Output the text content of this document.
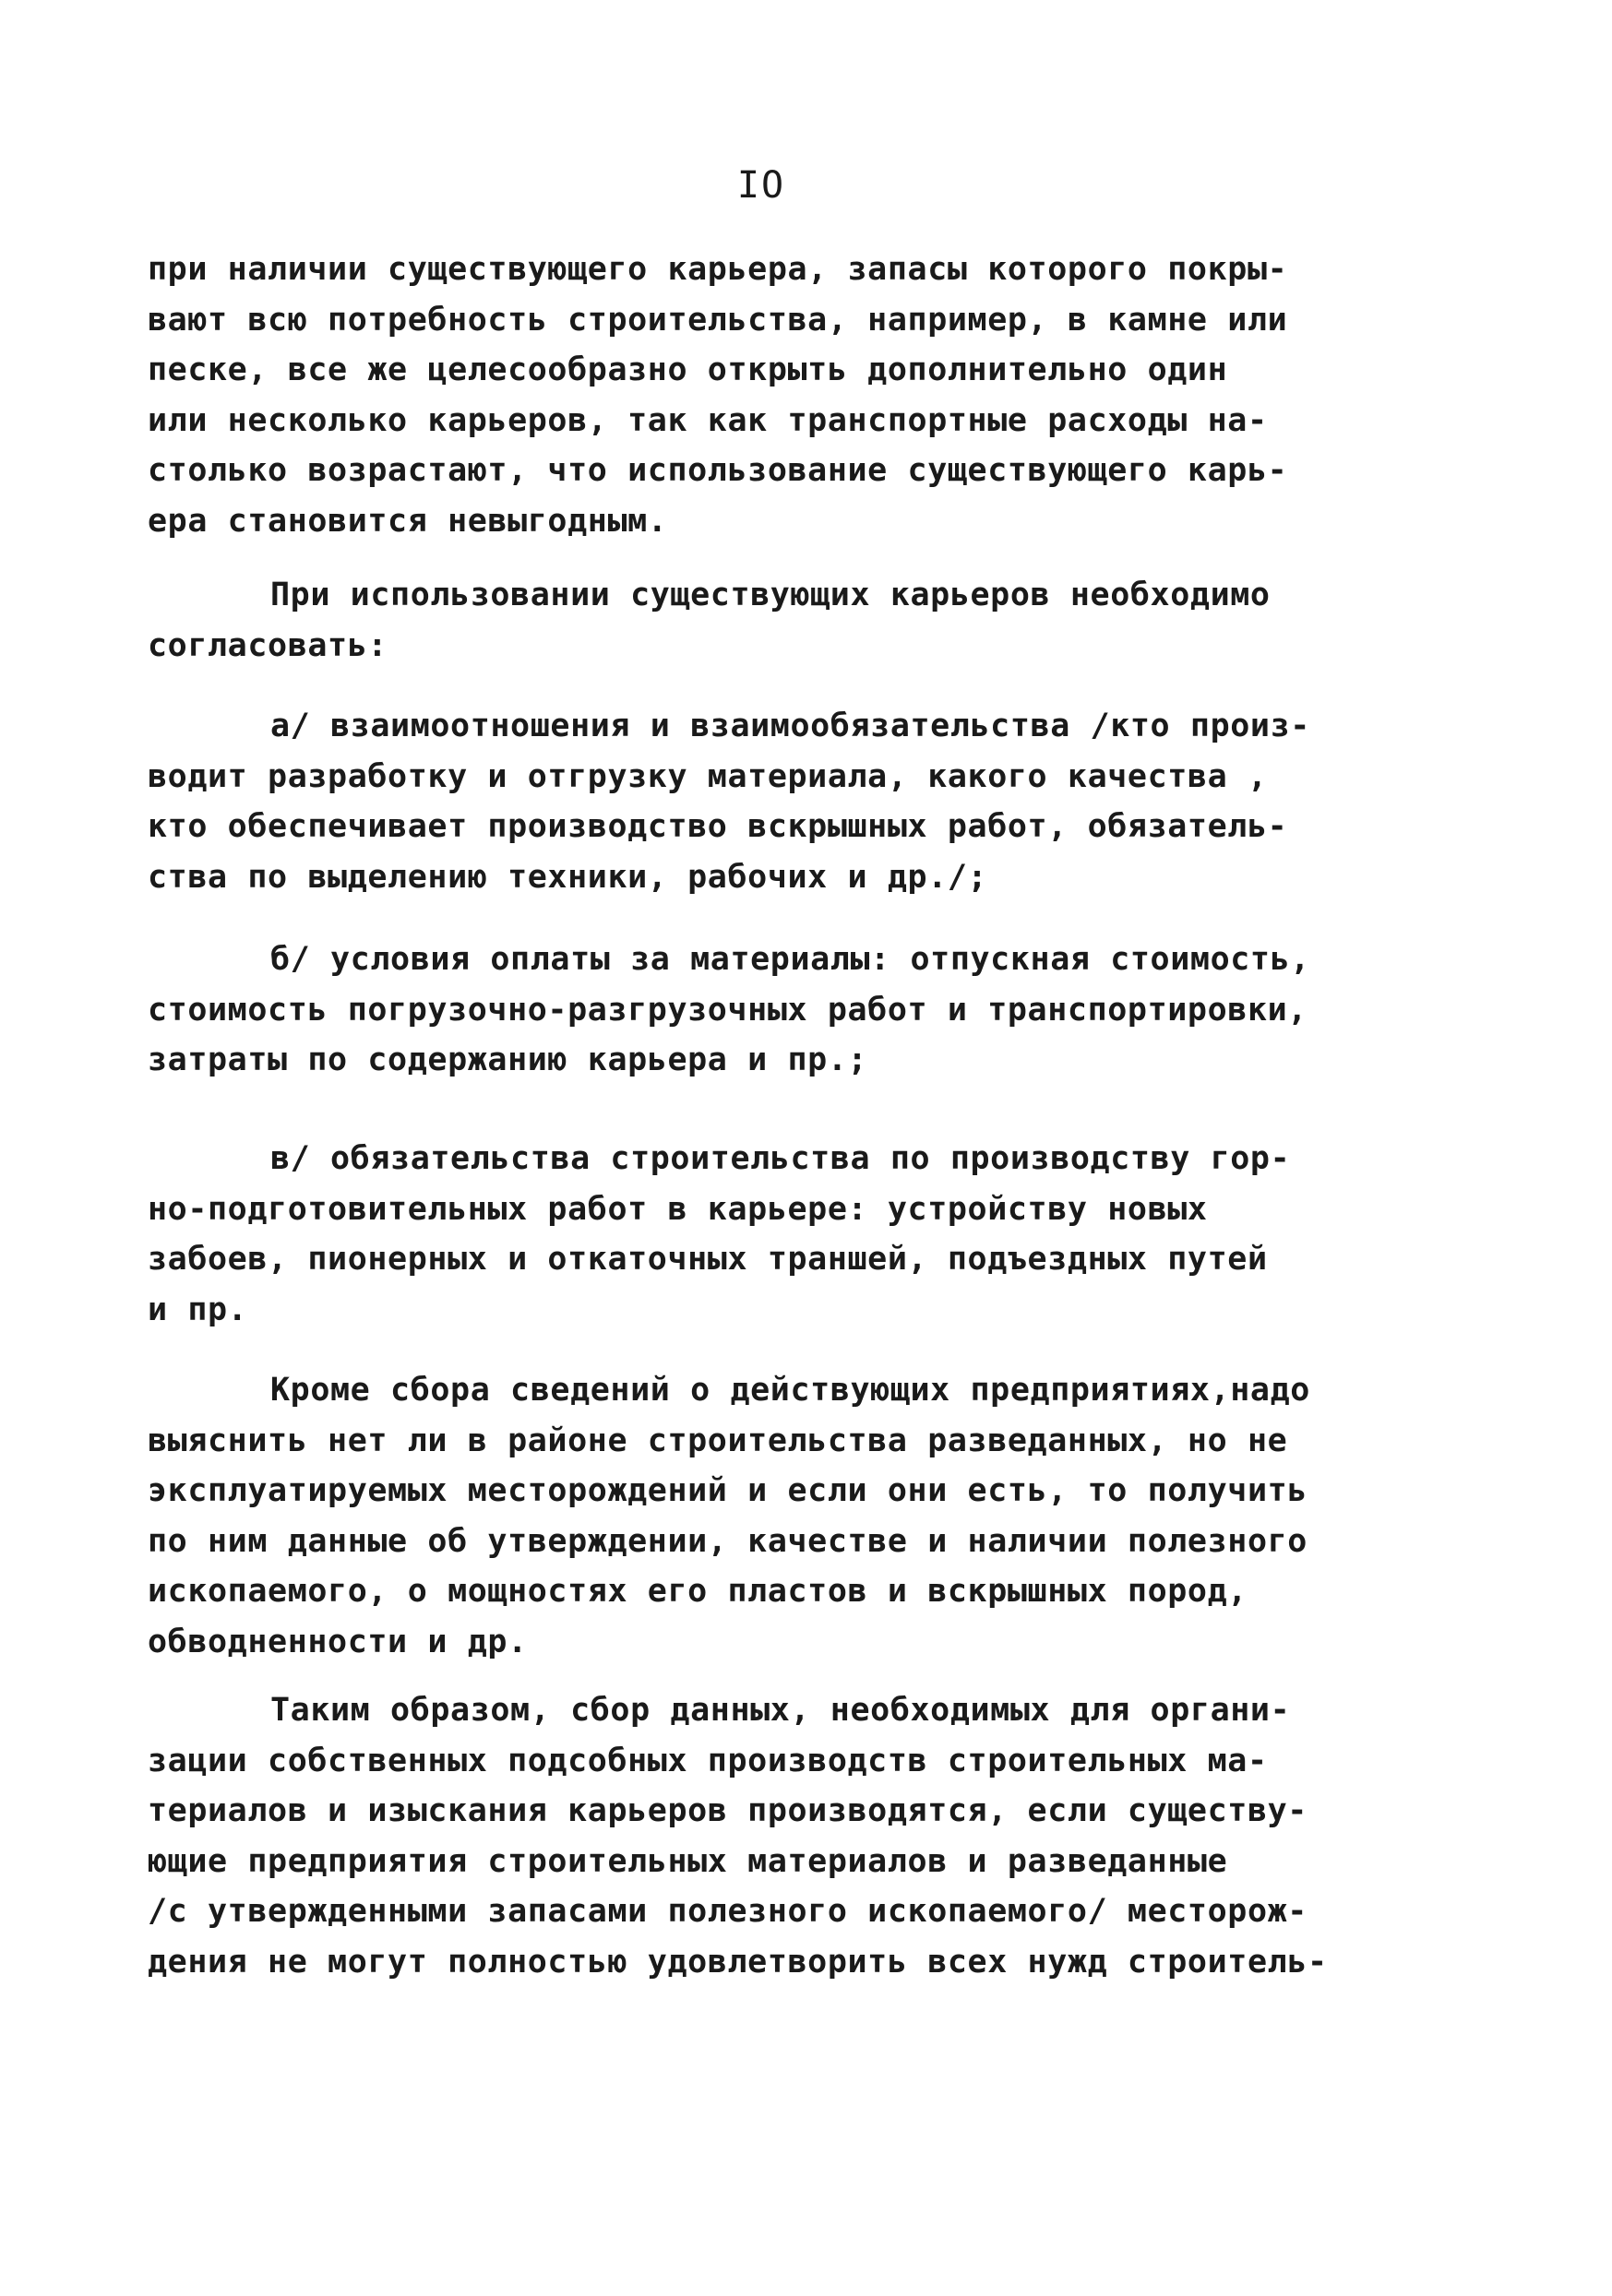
IO
при наличии существующего карьера, запасы которого покры-
вают всю потребность строительства, например, в камне или
песке, все же целесообразно открыть дополнительно один
или несколько карьеров, так как транспортные расходы на-
столько возрастают, что использование существующего карь-
ера становится невыгодным.
При использовании существующих карьеров необходимо
согласовать:
а/ взаимоотношения и взаимообязательства /кто произ-
водит разработку и отгрузку материала, какого качества ,
кто обеспечивает производство вскрышных работ, обязатель-
ства по выделению техники, рабочих и др./;
б/ условия оплаты за материалы: отпускная стоимость,
стоимость погрузочно-разгрузочных работ и транспортировки,
затраты по содержанию карьера и пр.;
в/ обязательства строительства по производству гор-
но-подготовительных работ в карьере: устройству новых
забоев, пионерных и откаточных траншей, подъездных путей
и пр.
Кроме сбора сведений о действующих предприятиях,надо
выяснить нет ли в районе строительства разведанных, но не
эксплуатируемых месторождений и если они есть, то получить
по ним данные об утверждении, качестве и наличии полезного
ископаемого, о мощностях его пластов и вскрышных пород,
обводненности и др.
Таким образом, сбор данных, необходимых для органи-
зации собственных подсобных производств строительных ма-
териалов и изыскания карьеров производятся, если существу-
ющие предприятия строительных материалов и разведанные
/с утвержденными запасами полезного ископаемого/ месторож-
дения не могут полностью удовлетворить всех нужд строитель-
